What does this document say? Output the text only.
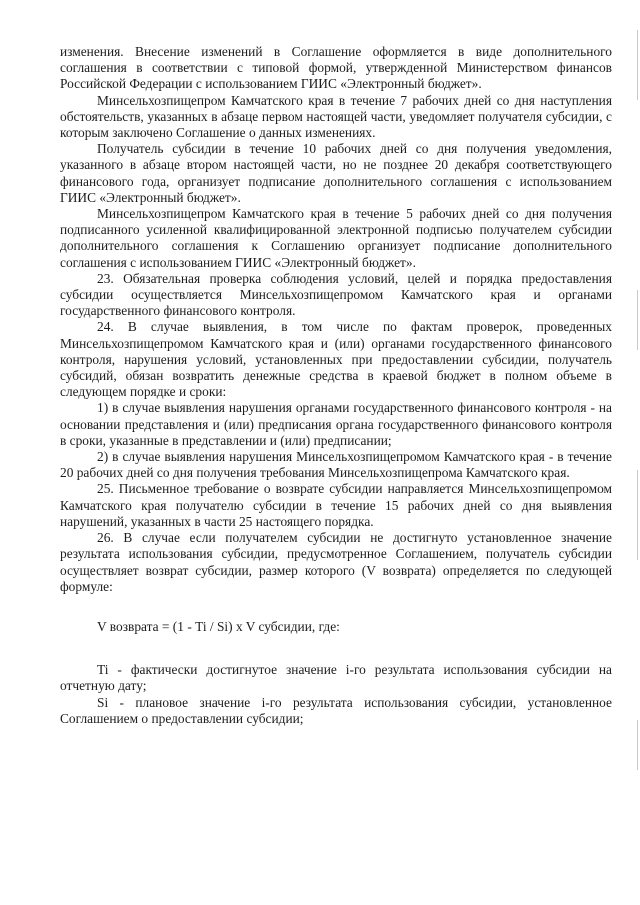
изменения. Внесение изменений в Соглашение оформляется в виде дополнительного соглашения в соответствии с типовой формой, утвержденной Министерством финансов Российской Федерации с использованием ГИИС «Электронный бюджет».

Минсельхозпищепром Камчатского края в течение 7 рабочих дней со дня наступления обстоятельств, указанных в абзаце первом настоящей части, уведомляет получателя субсидии, с которым заключено Соглашение о данных изменениях.

Получатель субсидии в течение 10 рабочих дней со дня получения уведомления, указанного в абзаце втором настоящей части, но не позднее 20 декабря соответствующего финансового года, организует подписание дополнительного соглашения с использованием ГИИС «Электронный бюджет».

Минсельхозпищепром Камчатского края в течение 5 рабочих дней со дня получения подписанного усиленной квалифицированной электронной подписью получателем субсидии дополнительного соглашения к Соглашению организует подписание дополнительного соглашения с использованием ГИИС «Электронный бюджет».

23. Обязательная проверка соблюдения условий, целей и порядка предоставления субсидии осуществляется Минсельхозпищепромом Камчатского края и органами государственного финансового контроля.

24. В случае выявления, в том числе по фактам проверок, проведенных Минсельхозпищепромом Камчатского края и (или) органами государственного финансового контроля, нарушения условий, установленных при предоставлении субсидии, получатель субсидий, обязан возвратить денежные средства в краевой бюджет в полном объеме в следующем порядке и сроки:

1) в случае выявления нарушения органами государственного финансового контроля - на основании представления и (или) предписания органа государственного финансового контроля в сроки, указанные в представлении и (или) предписании;

2) в случае выявления нарушения Минсельхозпищепромом Камчатского края - в течение 20 рабочих дней со дня получения требования Минсельхозпищепрома Камчатского края.

25. Письменное требование о возврате субсидии направляется Минсельхозпищепромом Камчатского края получателю субсидии в течение 15 рабочих дней со дня выявления нарушений, указанных в части 25 настоящего порядка.

26. В случае если получателем субсидии не достигнуто установленное значение результата использования субсидии, предусмотренное Соглашением, получатель субсидии осуществляет возврат субсидии, размер которого (V возврата) определяется по следующей формуле:

V возврата = (1 - Ti / Si) x V субсидии, где:

Ti - фактически достигнутое значение i-го результата использования субсидии на отчетную дату;

Si - плановое значение i-го результата использования субсидии, установленное Соглашением о предоставлении субсидии;
